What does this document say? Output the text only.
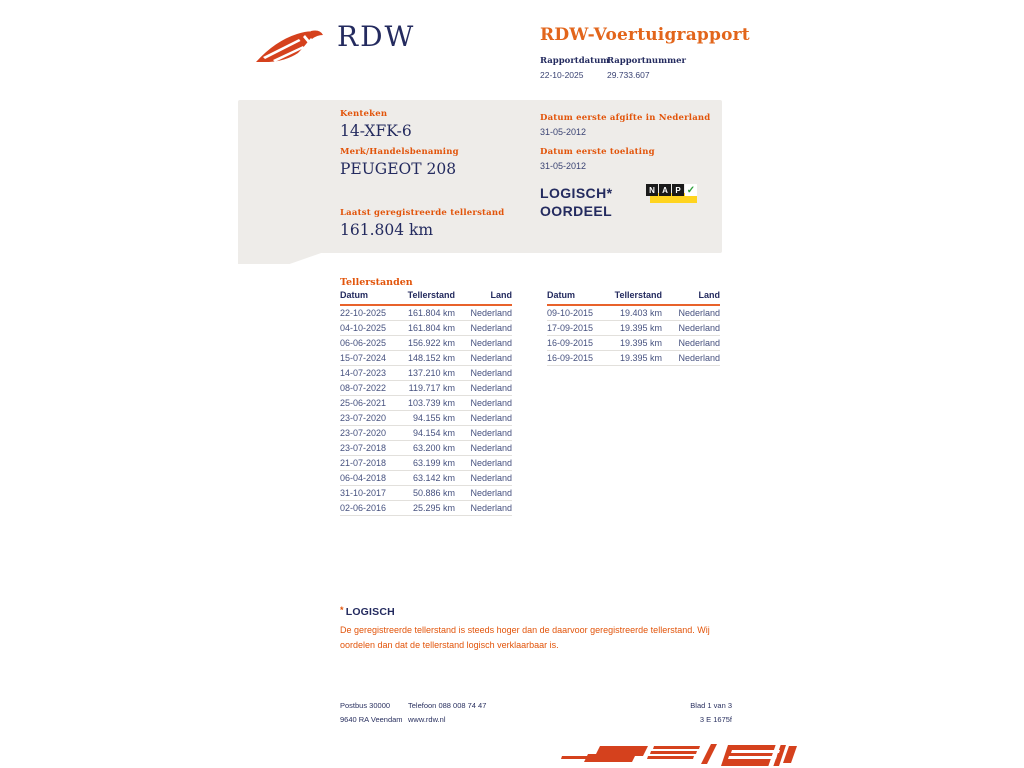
RDW	RDW-Voertuigrapport
Rapportdatum
22-10-2025
Rapportnummer
29.733.607
Kenteken
14-XFK-6
Merk/Handelsbenaming
PEUGEOT 208
Laatst geregistreerde tellerstand
161.804 km
Datum eerste afgifte in Nederland
31-05-2012
Datum eerste toelating
31-05-2012
LOGISCH*
OORDEEL
N A P ✓
Tellerstanden
Datum	Tellerstand	Land
22-10-2025	161.804 km	Nederland
04-10-2025	161.804 km	Nederland
06-06-2025	156.922 km	Nederland
15-07-2024	148.152 km	Nederland
14-07-2023	137.210 km	Nederland
08-07-2022	119.717 km	Nederland
25-06-2021	103.739 km	Nederland
23-07-2020	94.155 km	Nederland
23-07-2020	94.154 km	Nederland
23-07-2018	63.200 km	Nederland
21-07-2018	63.199 km	Nederland
06-04-2018	63.142 km	Nederland
31-10-2017	50.886 km	Nederland
02-06-2016	25.295 km	Nederland
Datum	Tellerstand	Land
09-10-2015	19.403 km	Nederland
17-09-2015	19.395 km	Nederland
16-09-2015	19.395 km	Nederland
16-09-2015	19.395 km	Nederland
* LOGISCH
De geregistreerde tellerstand is steeds hoger dan de daarvoor geregistreerde tellerstand. Wij oordelen dan dat de tellerstand logisch verklaarbaar is.
Postbus 30000
9640 RA Veendam
Telefoon 088 008 74 47
www.rdw.nl
Blad 1 van 3
3 E 1675f
